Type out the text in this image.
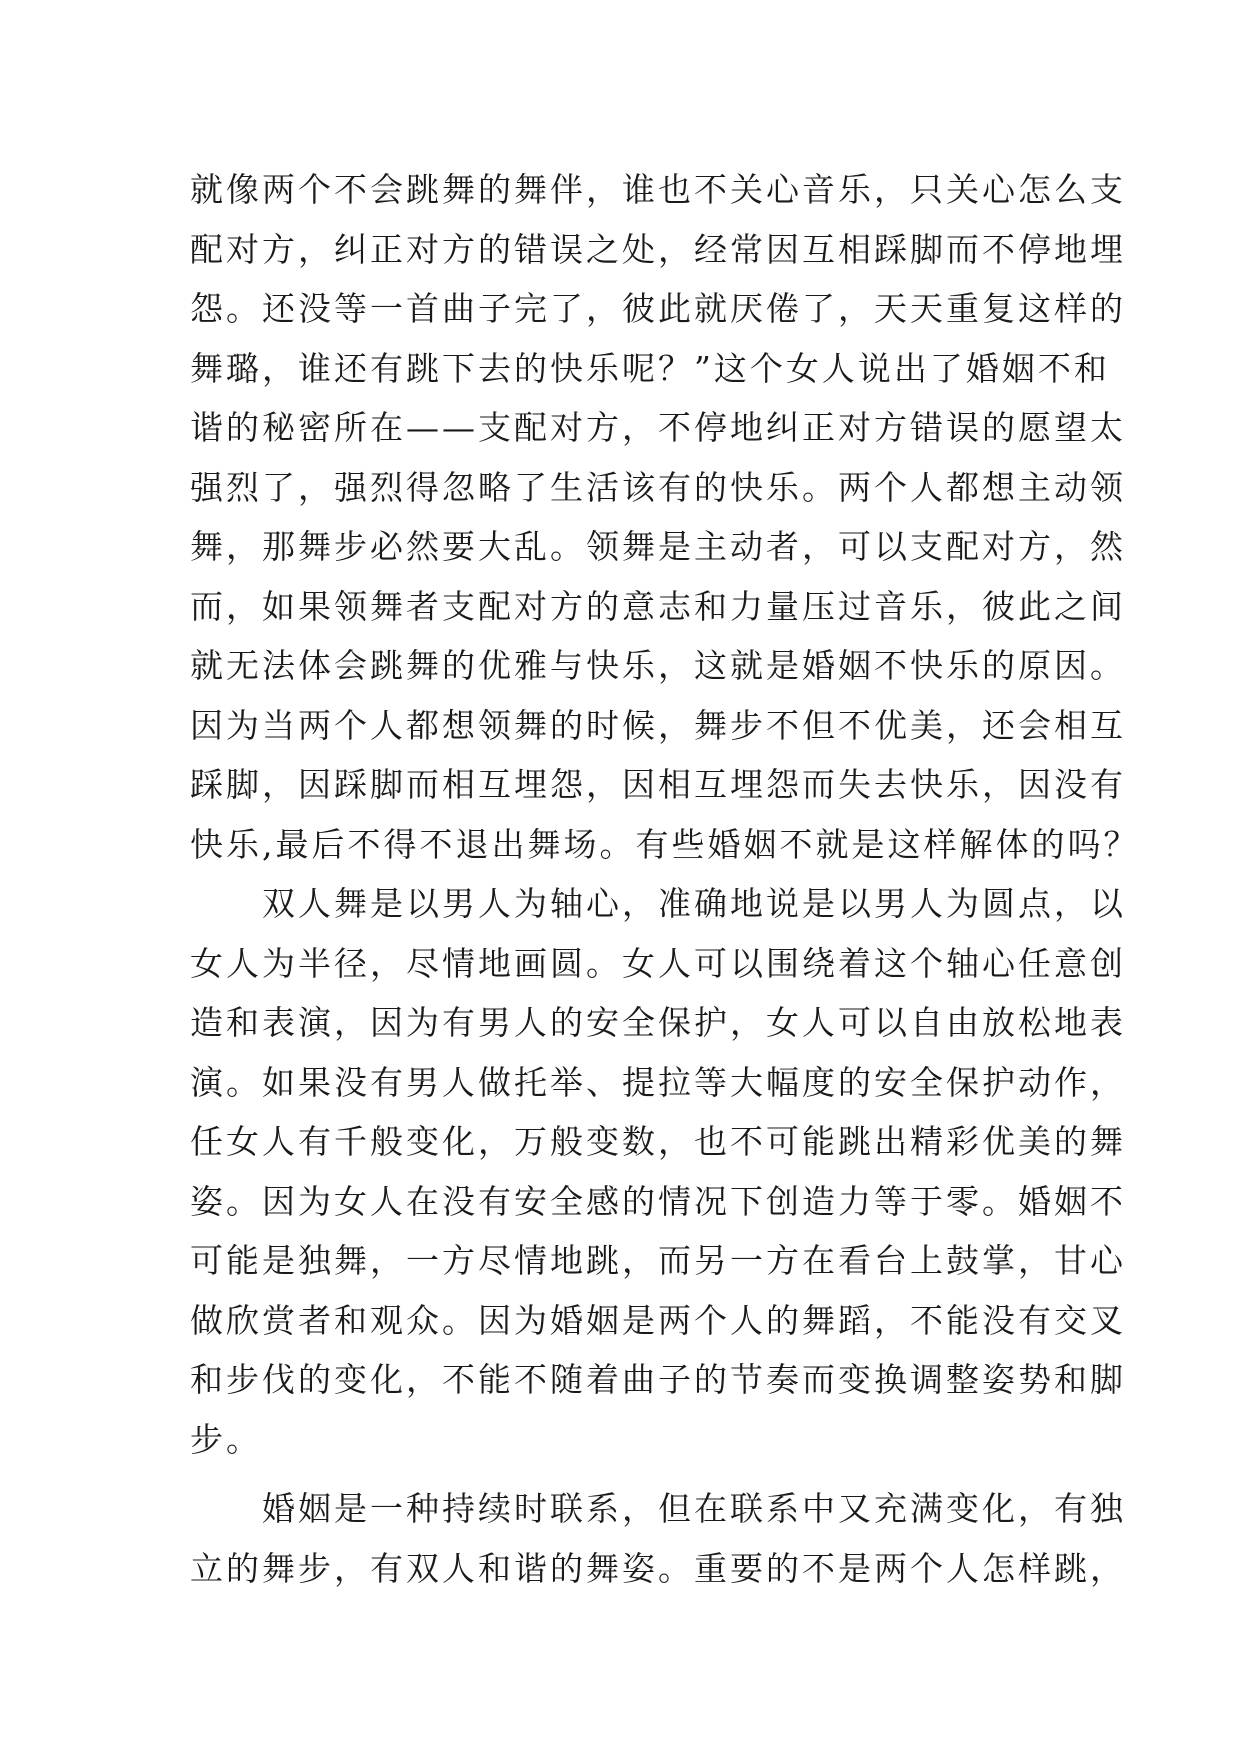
就像两个不会跳舞的舞伴，谁也不关心音乐，只关心怎么支
配对方，纠正对方的错误之处，经常因互相踩脚而不停地埋
怨。还没等一首曲子完了，彼此就厌倦了，天天重复这样的
舞璐，谁还有跳下去的快乐呢？”这个女人说出了婚姻不和
谐的秘密所在——支配对方，不停地纠正对方错误的愿望太
强烈了，强烈得忽略了生活该有的快乐。两个人都想主动领
舞，那舞步必然要大乱。领舞是主动者，可以支配对方，然
而，如果领舞者支配对方的意志和力量压过音乐，彼此之间
就无法体会跳舞的优雅与快乐，这就是婚姻不快乐的原因。
因为当两个人都想领舞的时候，舞步不但不优美，还会相互
踩脚，因踩脚而相互埋怨，因相互埋怨而失去快乐，因没有
快乐,最后不得不退出舞场。有些婚姻不就是这样解体的吗？
　　双人舞是以男人为轴心，准确地说是以男人为圆点，以
女人为半径，尽情地画圆。女人可以围绕着这个轴心任意创
造和表演，因为有男人的安全保护，女人可以自由放松地表
演。如果没有男人做托举、提拉等大幅度的安全保护动作，
任女人有千般变化，万般变数，也不可能跳出精彩优美的舞
姿。因为女人在没有安全感的情况下创造力等于零。婚姻不
可能是独舞，一方尽情地跳，而另一方在看台上鼓掌，甘心
做欣赏者和观众。因为婚姻是两个人的舞蹈，不能没有交叉
和步伐的变化，不能不随着曲子的节奏而变换调整姿势和脚
步。
　　婚姻是一种持续时联系，但在联系中又充满变化，有独
立的舞步，有双人和谐的舞姿。重要的不是两个人怎样跳，
